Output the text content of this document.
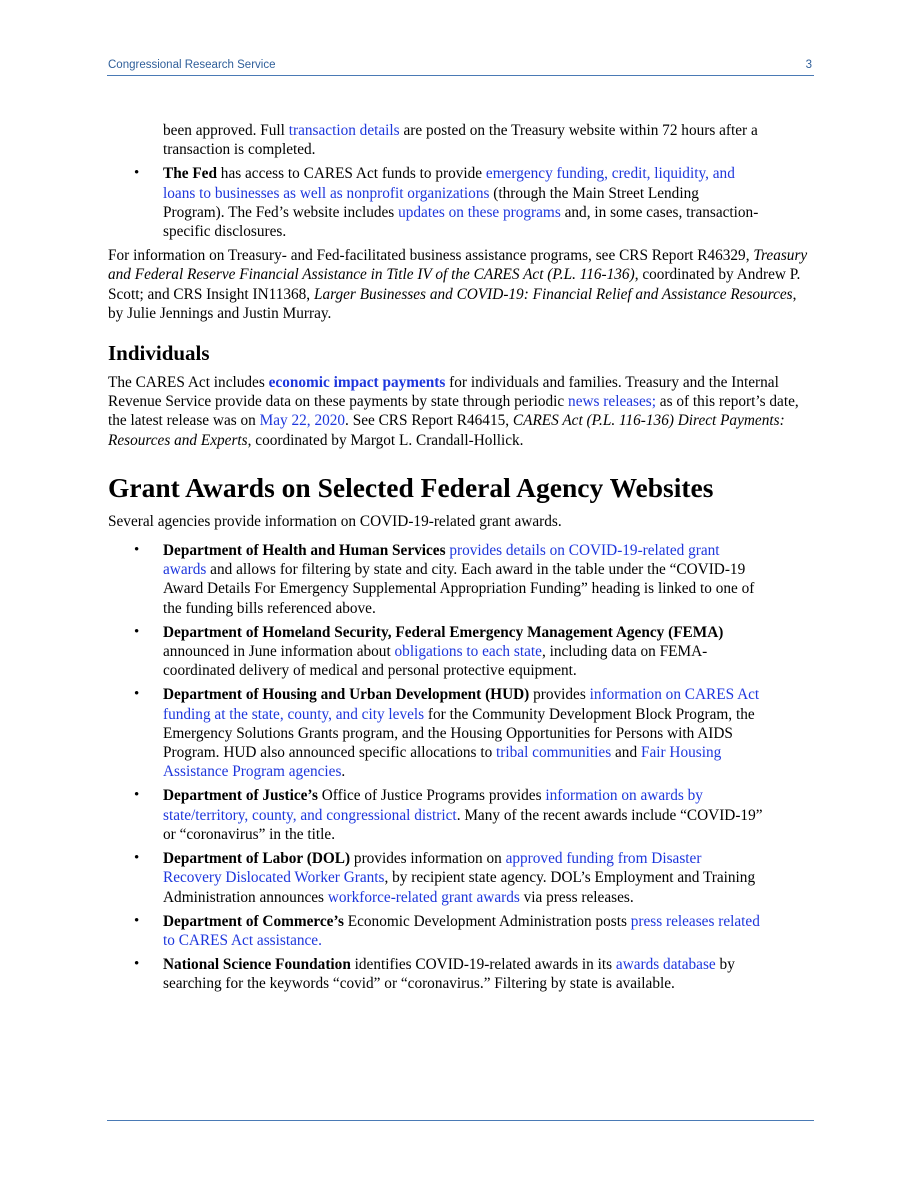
Congressional Research Service	3
been approved. Full transaction details are posted on the Treasury website within 72 hours after a transaction is completed.
• The Fed has access to CARES Act funds to provide emergency funding, credit, liquidity, and loans to businesses as well as nonprofit organizations (through the Main Street Lending Program). The Fed’s website includes updates on these programs and, in some cases, transaction-specific disclosures.

For information on Treasury- and Fed-facilitated business assistance programs, see CRS Report R46329, Treasury and Federal Reserve Financial Assistance in Title IV of the CARES Act (P.L. 116-136), coordinated by Andrew P. Scott; and CRS Insight IN11368, Larger Businesses and COVID-19: Financial Relief and Assistance Resources, by Julie Jennings and Justin Murray.

Individuals

The CARES Act includes economic impact payments for individuals and families. Treasury and the Internal Revenue Service provide data on these payments by state through periodic news releases; as of this report’s date, the latest release was on May 22, 2020. See CRS Report R46415, CARES Act (P.L. 116-136) Direct Payments: Resources and Experts, coordinated by Margot L. Crandall-Hollick.

Grant Awards on Selected Federal Agency Websites

Several agencies provide information on COVID-19-related grant awards.

• Department of Health and Human Services provides details on COVID-19-related grant awards and allows for filtering by state and city. Each award in the table under the “COVID-19 Award Details For Emergency Supplemental Appropriation Funding” heading is linked to one of the funding bills referenced above.
• Department of Homeland Security, Federal Emergency Management Agency (FEMA) announced in June information about obligations to each state, including data on FEMA-coordinated delivery of medical and personal protective equipment.
• Department of Housing and Urban Development (HUD) provides information on CARES Act funding at the state, county, and city levels for the Community Development Block Program, the Emergency Solutions Grants program, and the Housing Opportunities for Persons with AIDS Program. HUD also announced specific allocations to tribal communities and Fair Housing Assistance Program agencies.
• Department of Justice’s Office of Justice Programs provides information on awards by state/territory, county, and congressional district. Many of the recent awards include “COVID-19” or “coronavirus” in the title.
• Department of Labor (DOL) provides information on approved funding from Disaster Recovery Dislocated Worker Grants, by recipient state agency. DOL’s Employment and Training Administration announces workforce-related grant awards via press releases.
• Department of Commerce’s Economic Development Administration posts press releases related to CARES Act assistance.
• National Science Foundation identifies COVID-19-related awards in its awards database by searching for the keywords “covid” or “coronavirus.” Filtering by state is available.
